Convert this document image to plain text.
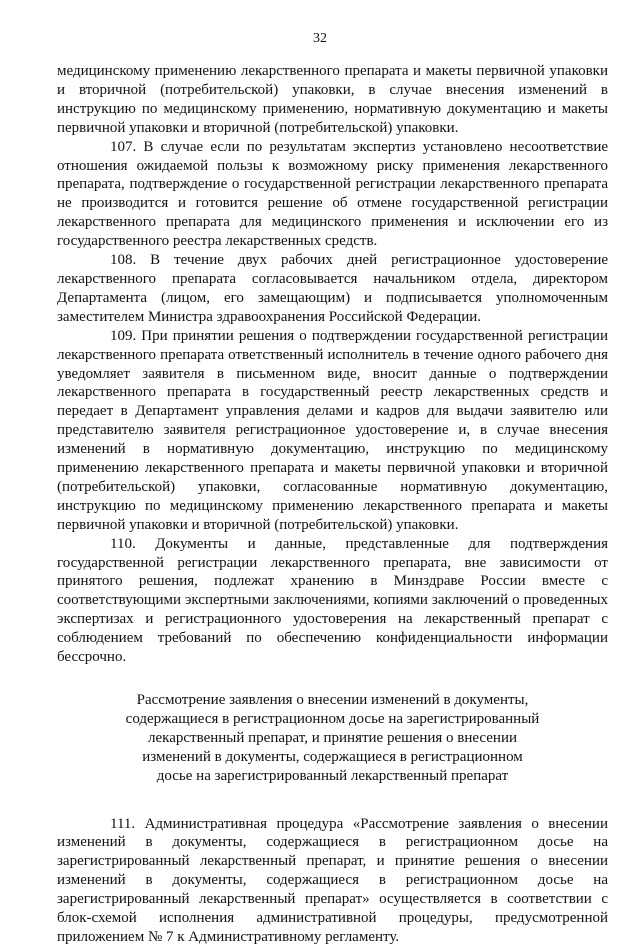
32

медицинскому применению лекарственного препарата и макеты первичной упаковки и вторичной (потребительской) упаковки, в случае внесения изменений в инструкцию по медицинскому применению, нормативную документацию и макеты первичной упаковки и вторичной (потребительской) упаковки.

107. В случае если по результатам экспертиз установлено несоответствие отношения ожидаемой пользы к возможному риску применения лекарственного препарата, подтверждение о государственной регистрации лекарственного препарата не производится и готовится решение об отмене государственной регистрации лекарственного препарата для медицинского применения и исключении его из государственного реестра лекарственных средств.

108. В течение двух рабочих дней регистрационное удостоверение лекарственного препарата согласовывается начальником отдела, директором Департамента (лицом, его замещающим) и подписывается уполномоченным заместителем Министра здравоохранения Российской Федерации.

109. При принятии решения о подтверждении государственной регистрации лекарственного препарата ответственный исполнитель в течение одного рабочего дня уведомляет заявителя в письменном виде, вносит данные о подтверждении лекарственного препарата в государственный реестр лекарственных средств и передает в Департамент управления делами и кадров для выдачи заявителю или представителю заявителя регистрационное удостоверение и, в случае внесения изменений в нормативную документацию, инструкцию по медицинскому применению лекарственного препарата и макеты первичной упаковки и вторичной (потребительской) упаковки, согласованные нормативную документацию, инструкцию по медицинскому применению лекарственного препарата и макеты первичной упаковки и вторичной (потребительской) упаковки.

110. Документы и данные, представленные для подтверждения государственной регистрации лекарственного препарата, вне зависимости от принятого решения, подлежат хранению в Минздраве России вместе с соответствующими экспертными заключениями, копиями заключений о проведенных экспертизах и регистрационного удостоверения на лекарственный препарат с соблюдением требований по обеспечению конфиденциальности информации бессрочно.

Рассмотрение заявления о внесении изменений в документы,
содержащиеся в регистрационном досье на зарегистрированный
лекарственный препарат, и принятие решения о внесении
изменений в документы, содержащиеся в регистрационном
досье на зарегистрированный лекарственный препарат

111. Административная процедура «Рассмотрение заявления о внесении изменений в документы, содержащиеся в регистрационном досье на зарегистрированный лекарственный препарат, и принятие решения о внесении изменений в документы, содержащиеся в регистрационном досье на зарегистрированный лекарственный препарат» осуществляется в соответствии с блок-схемой исполнения административной процедуры, предусмотренной приложением № 7 к Административному регламенту.
